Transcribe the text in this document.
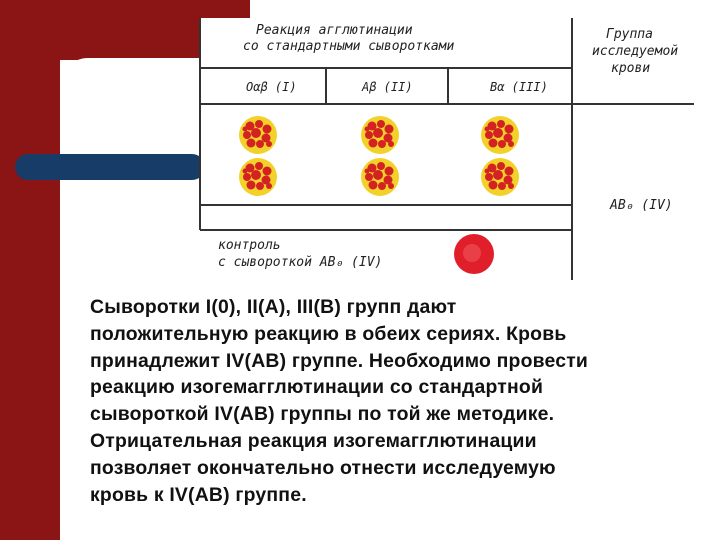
Реакция агглютинации
со стандартными сыворотками
Группа
исследуемой
крови
Oαβ (I)	Aβ (II)	Bα (III)
AB₀ (IV)
контроль
с сывороткой AB₀ (IV)
Сыворотки I(0), II(A), III(B) групп дают
положительную реакцию в обеих сериях. Кровь
принадлежит IV(AB) группе. Необходимо провести
реакцию изогемагглютинации со стандартной
сывороткой IV(AB) группы по той же методике.
Отрицательная реакция изогемагглютинации
позволяет окончательно отнести исследуемую
кровь к IV(AB) группе.
